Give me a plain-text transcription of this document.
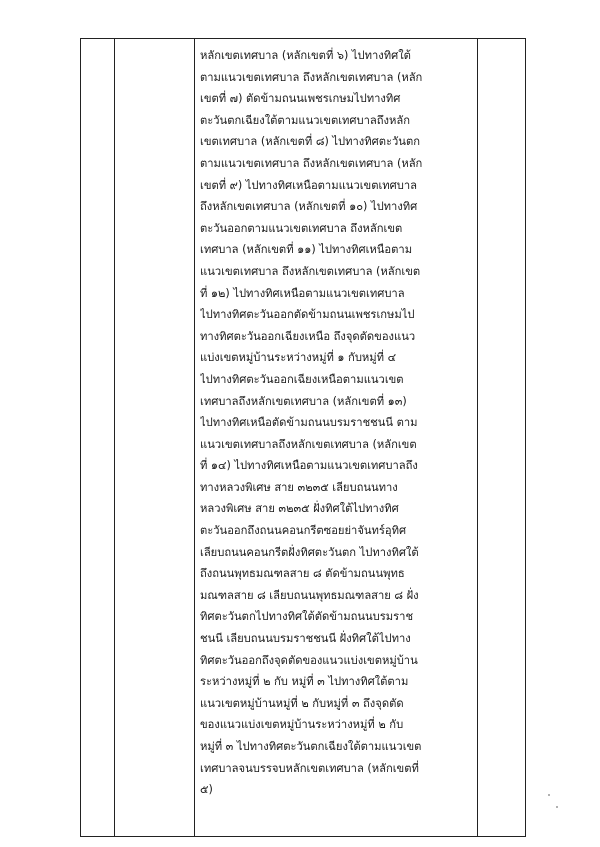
หลักเขตเทศบาล (หลักเขตที่ ๖) ไปทางทิศใต้
ตามแนวเขตเทศบาล ถึงหลักเขตเทศบาล (หลัก
เขตที่ ๗) ตัดข้ามถนนเพชรเกษมไปทางทิศ
ตะวันตกเฉียงใต้ตามแนวเขตเทศบาลถึงหลัก
เขตเทศบาล (หลักเขตที่ ๘) ไปทางทิศตะวันตก
ตามแนวเขตเทศบาล ถึงหลักเขตเทศบาล (หลัก
เขตที่ ๙) ไปทางทิศเหนือตามแนวเขตเทศบาล
ถึงหลักเขตเทศบาล (หลักเขตที่ ๑๐) ไปทางทิศ
ตะวันออกตามแนวเขตเทศบาล ถึงหลักเขต
เทศบาล (หลักเขตที่ ๑๑) ไปทางทิศเหนือตาม
แนวเขตเทศบาล ถึงหลักเขตเทศบาล (หลักเขต
ที่ ๑๒) ไปทางทิศเหนือตามแนวเขตเทศบาล
ไปทางทิศตะวันออกตัดข้ามถนนเพชรเกษมไป
ทางทิศตะวันออกเฉียงเหนือ ถึงจุดตัดของแนว
แบ่งเขตหมู่บ้านระหว่างหมู่ที่ ๑ กับหมู่ที่ ๔
ไปทางทิศตะวันออกเฉียงเหนือตามแนวเขต
เทศบาลถึงหลักเขตเทศบาล (หลักเขตที่ ๑๓)
ไปทางทิศเหนือตัดข้ามถนนบรมราชชนนี ตาม
แนวเขตเทศบาลถึงหลักเขตเทศบาล (หลักเขต
ที่ ๑๔) ไปทางทิศเหนือตามแนวเขตเทศบาลถึง
ทางหลวงพิเศษ สาย ๓๒๓๕ เลียบถนนทาง
หลวงพิเศษ สาย ๓๒๓๕ ฝั่งทิศใต้ไปทางทิศ
ตะวันออกถึงถนนคอนกรีตซอยย่าจันทร์อุทิศ
เลียบถนนคอนกรีตฝั่งทิศตะวันตก ไปทางทิศใต้
ถึงถนนพุทธมณฑลสาย ๘ ตัดข้ามถนนพุทธ
มณฑลสาย ๘ เลียบถนนพุทธมณฑลสาย ๘ ฝั่ง
ทิศตะวันตกไปทางทิศใต้ตัดข้ามถนนบรมราช
ชนนี เลียบถนนบรมราชชนนี ฝั่งทิศใต้ไปทาง
ทิศตะวันออกถึงจุดตัดของแนวแบ่งเขตหมู่บ้าน
ระหว่างหมู่ที่ ๒ กับ หมู่ที่ ๓ ไปทางทิศใต้ตาม
แนวเขตหมู่บ้านหมู่ที่ ๒ กับหมู่ที่ ๓ ถึงจุดตัด
ของแนวแบ่งเขตหมู่บ้านระหว่างหมู่ที่ ๒ กับ
หมู่ที่ ๓ ไปทางทิศตะวันตกเฉียงใต้ตามแนวเขต
เทศบาลจนบรรจบหลักเขตเทศบาล (หลักเขตที่
๕)
